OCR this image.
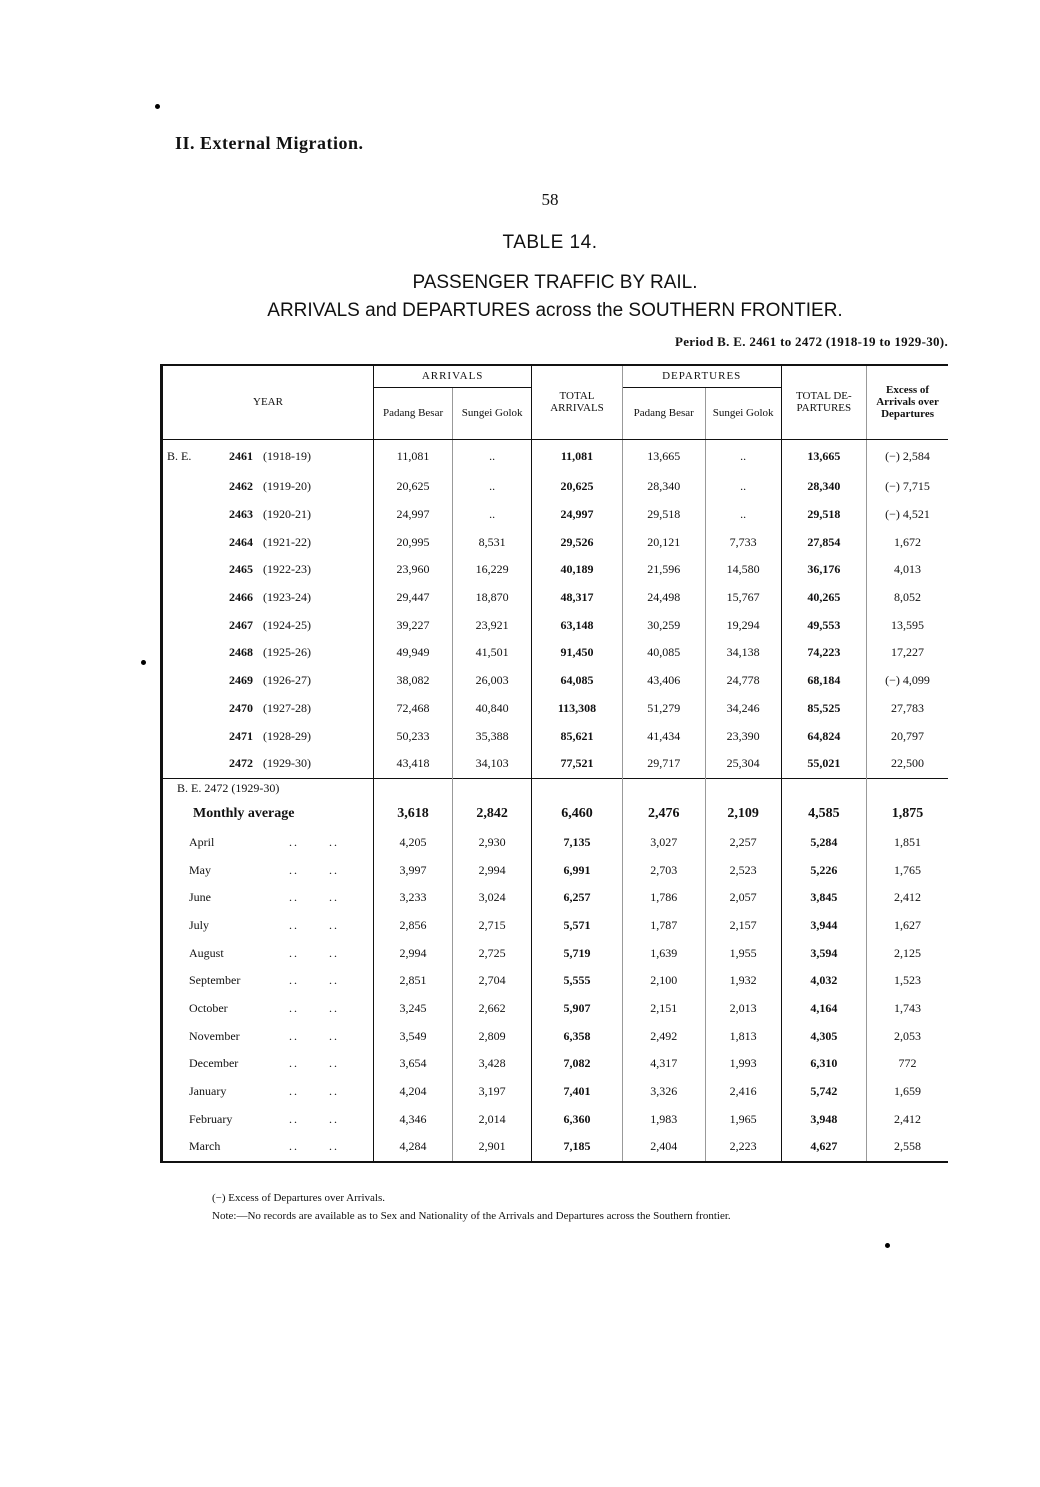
II. External Migration.
58
TABLE 14.
PASSENGER TRAFFIC BY RAIL.
ARRIVALS and DEPARTURES across the SOUTHERN FRONTIER.
Period B. E. 2461 to 2472 (1918-19 to 1929-30).
YEAR	ARRIVALS		TOTAL ARRIVALS	DEPARTURES		TOTAL DE-PARTURES	Excess of Arrivals over Departures
	Padang Besar	Sungei Golok		Padang Besar	Sungei Golok		

B. E. 2461 (1918-19)	11,081	..	11,081	13,665	..	13,665	(−) 2,584

2462 (1919-20)	20,625	..	20,625	28,340	..	28,340	(−) 7,715

2463 (1920-21)	24,997	..	24,997	29,518	..	29,518	(−) 4,521

2464 (1921-22)	20,995	8,531	29,526	20,121	7,733	27,854	1,672

2465 (1922-23)	23,960	16,229	40,189	21,596	14,580	36,176	4,013

2466 (1923-24)	29,447	18,870	48,317	24,498	15,767	40,265	8,052

2467 (1924-25)	39,227	23,921	63,148	30,259	19,294	49,553	13,595

2468 (1925-26)	49,949	41,501	91,450	40,085	34,138	74,223	17,227

2469 (1926-27)	38,082	26,003	64,085	43,406	24,778	68,184	(−) 4,099

2470 (1927-28)	72,468	40,840	113,308	51,279	34,246	85,525	27,783

2471 (1928-29)	50,233	35,388	85,621	41,434	23,390	64,824	20,797

2472 (1929-30)	43,418	34,103	77,521	29,717	25,304	55,021	22,500
B. E. 2472 (1929-30)							
Monthly average	3,618	2,842	6,460	2,476	2,109	4,585	1,875

April .. ..	4,205	2,930	7,135	3,027	2,257	5,284	1,851

May .. ..	3,997	2,994	6,991	2,703	2,523	5,226	1,765

June .. ..	3,233	3,024	6,257	1,786	2,057	3,845	2,412

July .. ..	2,856	2,715	5,571	1,787	2,157	3,944	1,627

August .. ..	2,994	2,725	5,719	1,639	1,955	3,594	2,125

September .. ..	2,851	2,704	5,555	2,100	1,932	4,032	1,523

October .. ..	3,245	2,662	5,907	2,151	2,013	4,164	1,743

November .. ..	3,549	2,809	6,358	2,492	1,813	4,305	2,053

December .. ..	3,654	3,428	7,082	4,317	1,993	6,310	772

January .. ..	4,204	3,197	7,401	3,326	2,416	5,742	1,659

February .. ..	4,346	2,014	6,360	1,983	1,965	3,948	2,412

March .. ..	4,284	2,901	7,185	2,404	2,223	4,627	2,558

(−) Excess of Departures over Arrivals.

Note:—No records are available as to Sex and Nationality of the Arrivals and Departures across the Southern frontier.
